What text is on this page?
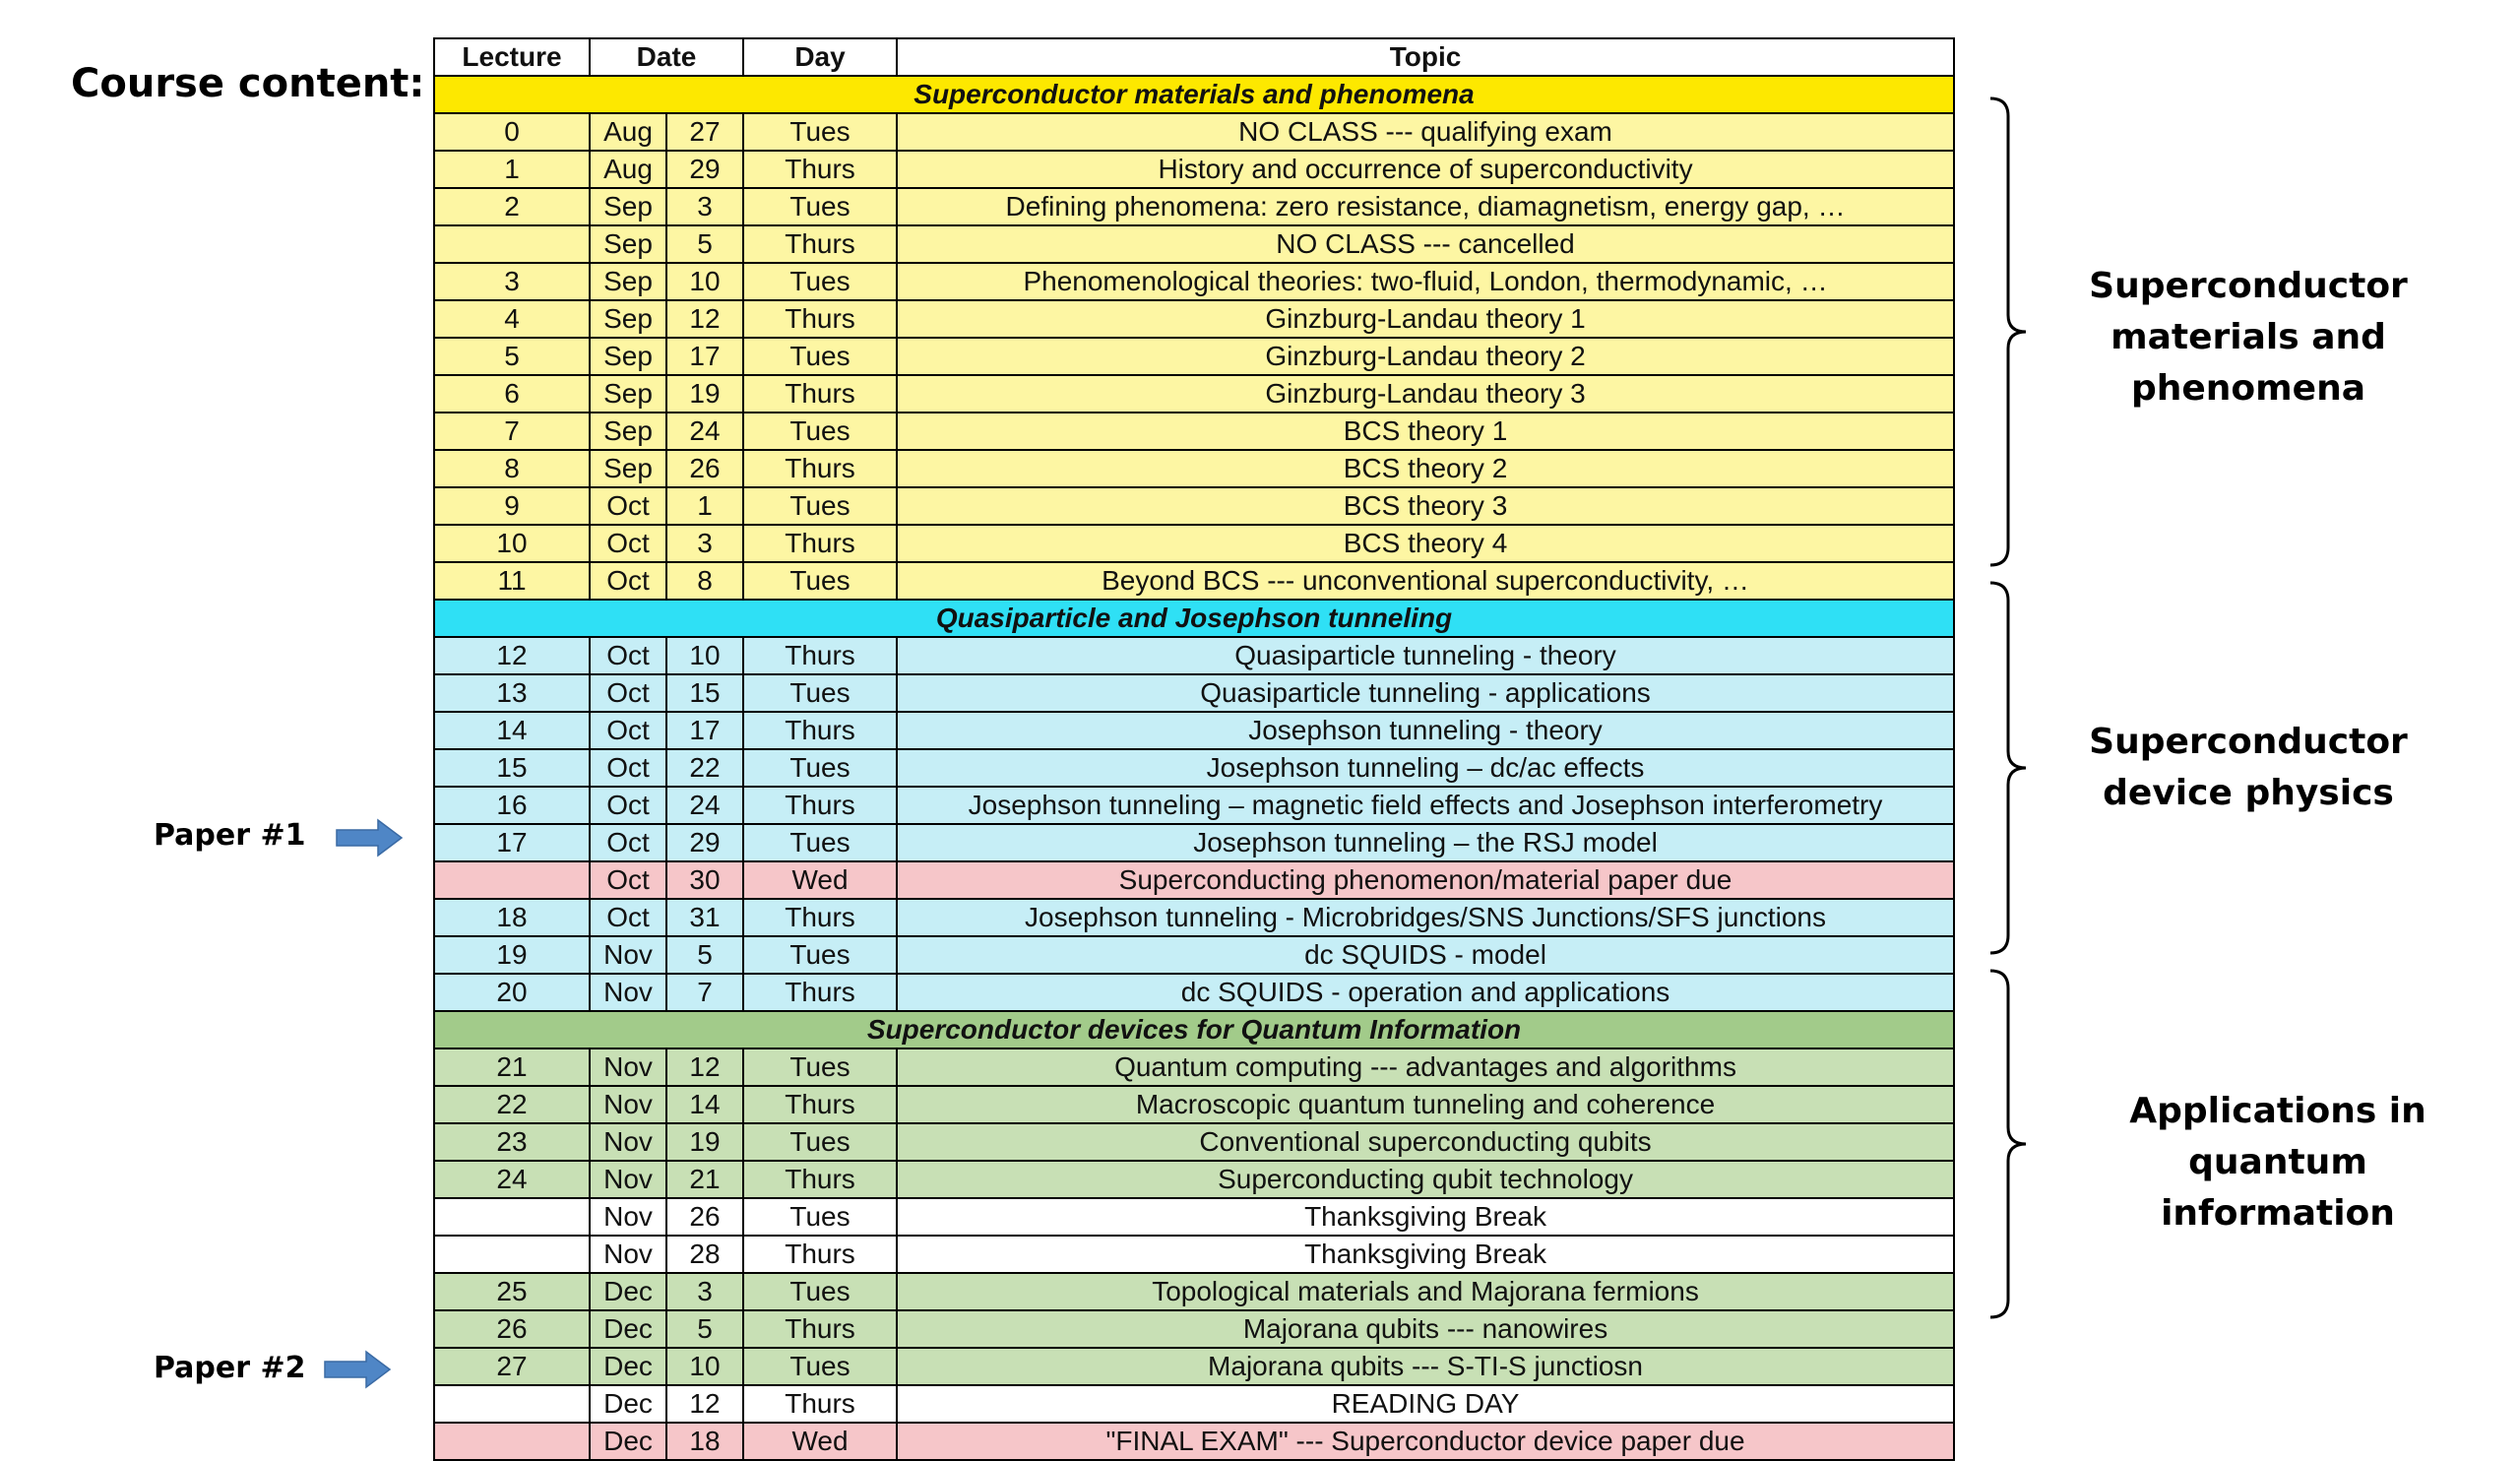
Course content:
Lecture	Date		Day	Topic
Superconductor materials and phenomena				
0	Aug	27	Tues	NO CLASS --- qualifying exam
1	Aug	29	Thurs	History and occurrence of superconductivity
2	Sep	3	Tues	Defining phenomena: zero resistance, diamagnetism, energy gap, …
	Sep	5	Thurs	NO CLASS --- cancelled
3	Sep	10	Tues	Phenomenological theories: two-fluid, London, thermodynamic, …
4	Sep	12	Thurs	Ginzburg-Landau theory 1
5	Sep	17	Tues	Ginzburg-Landau theory 2
6	Sep	19	Thurs	Ginzburg-Landau theory 3
7	Sep	24	Tues	BCS theory 1
8	Sep	26	Thurs	BCS theory 2
9	Oct	1	Tues	BCS theory 3
10	Oct	3	Thurs	BCS theory 4
11	Oct	8	Tues	Beyond BCS --- unconventional superconductivity, …
Quasiparticle and Josephson tunneling				
12	Oct	10	Thurs	Quasiparticle tunneling - theory
13	Oct	15	Tues	Quasiparticle tunneling - applications
14	Oct	17	Thurs	Josephson tunneling - theory
15	Oct	22	Tues	Josephson tunneling – dc/ac effects
16	Oct	24	Thurs	Josephson tunneling – magnetic field effects and Josephson interferometry
17	Oct	29	Tues	Josephson tunneling – the RSJ model
	Oct	30	Wed	Superconducting phenomenon/material paper due
18	Oct	31	Thurs	Josephson tunneling - Microbridges/SNS Junctions/SFS junctions
19	Nov	5	Tues	dc SQUIDS - model
20	Nov	7	Thurs	dc SQUIDS - operation and applications
Superconductor devices for Quantum Information				
21	Nov	12	Tues	Quantum computing --- advantages and algorithms
22	Nov	14	Thurs	Macroscopic quantum tunneling and coherence
23	Nov	19	Tues	Conventional superconducting qubits
24	Nov	21	Thurs	Superconducting qubit technology
	Nov	26	Tues	Thanksgiving Break
	Nov	28	Thurs	Thanksgiving Break
25	Dec	3	Tues	Topological materials and Majorana fermions
26	Dec	5	Thurs	Majorana qubits --- nanowires
27	Dec	10	Tues	Majorana qubits --- S-TI-S junctiosn
	Dec	12	Thurs	READING DAY
	Dec	18	Wed	"FINAL EXAM" --- Superconductor device paper due
Superconductor
materials and
phenomena
Superconductor
device physics
Applications in
quantum information
Paper #1
Paper #2
